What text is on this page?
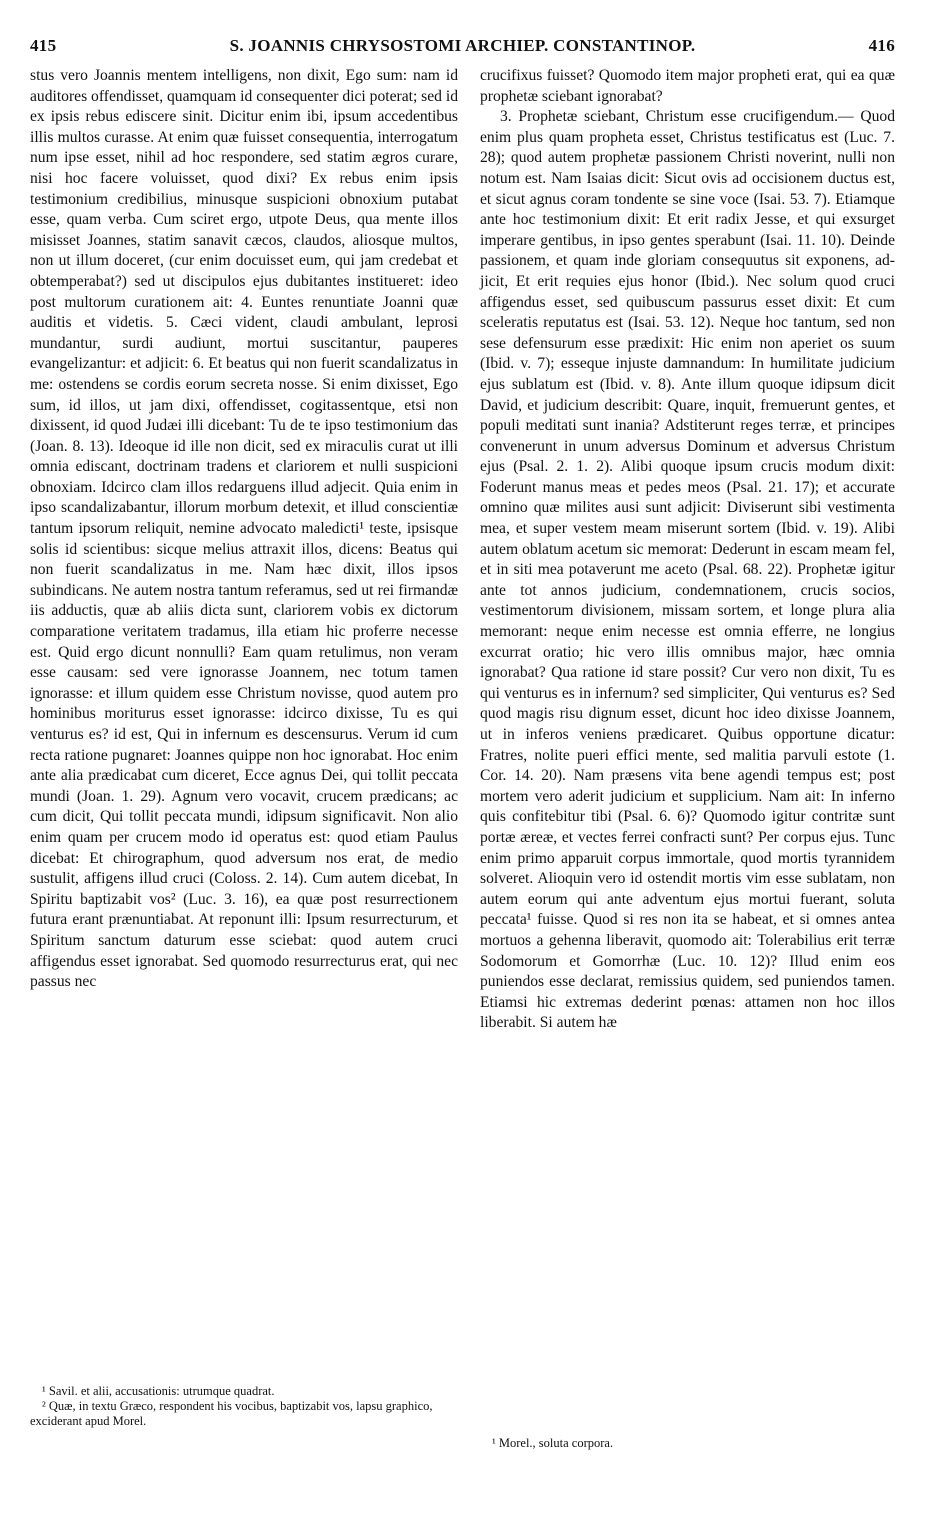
415	S. JOANNIS CHRYSOSTOMI ARCHIEP. CONSTANTINOP.	416

stus vero Joannis mentem intelligens, non dixit, Ego sum: nam id auditores offendisset, quamquam id consequenter dici poterat; sed id ex ipsis rebus ediscere sinit. Dicitur enim ibi, ipsum accedentibus illis multos curasse. At enim quæ fuisset consequentia, interrogatum num ipse esset, nihil ad hoc respondere, sed statim ægros curare, nisi hoc facere voluisset, quod dixi? Ex rebus enim ipsis testimonium credibilius, minusque suspicioni obnoxium putabat esse, quam verba. Cum sciret ergo, utpote Deus, qua mente illos misisset Joannes, statim sanavit cæcos, claudos, aliosque multos, non ut illum doceret, (cur enim docuisset eum, qui jam credebat et obtemperabat?) sed ut discipulos ejus dubitantes institueret: ideo post multorum curationem ait: 4. Euntes renuntiate Joanni quæ auditis et videtis. 5. Cæci vident, claudi ambulant, leprosi mundantur, surdi audiunt, mortui suscitantur, pauperes evangelizantur: et adjicit: 6. Et beatus qui non fuerit scandalizatus in me: ostendens se cordis eorum secreta nosse. Si enim dixisset, Ego sum, id illos, ut jam dixi, offendisset, cogitassentque, etsi non dixissent, id quod Judæi illi dicebant: Tu de te ipso testimonium das (Joan. 8. 13). Ideoque id ille non dicit, sed ex miraculis curat ut illi omnia ediscant, doctrinam tradens et clariorem et nulli suspicioni obnoxiam. Idcirco clam illos redarguens illud adjecit. Quia enim in ipso scandalizabantur, illorum morbum detexit, et illud conscientiæ tantum ipsorum reliquit, nemine advocato maledicti¹ teste, ipsisque solis id scientibus: sicque melius attraxit illos, dicens: Beatus qui non fuerit scandalizatus in me. Nam hæc dixit, illos ipsos subindicans. Ne autem nostra tantum referamus, sed ut rei firmandæ iis adductis, quæ ab aliis dicta sunt, clariorem vobis ex dictorum comparatione veritatem tradamus, illa etiam hic proferre necesse est. Quid ergo dicunt nonnulli? Eam quam retulimus, non veram esse causam: sed vere ignorasse Joannem, nec totum tamen ignorasse: et illum quidem esse Christum novisse, quod autem pro hominibus moriturus esset ignorasse: idcirco dixisse, Tu es qui venturus es? id est, Qui in infernum es descensurus. Verum id cum recta ratione pugnaret: Joannes quippe non hoc ignorabat. Hoc enim ante alia prædicabat cum diceret, Ecce agnus Dei, qui tollit peccata mundi (Joan. 1. 29). Agnum vero vocavit, crucem prædicans; ac cum dicit, Qui tollit peccata mundi, idipsum significavit. Non alio enim quam per crucem modo id operatus est: quod etiam Paulus dicebat: Et chirographum, quod adversum nos erat, de medio sustulit, affigens illud cruci (Coloss. 2. 14). Cum autem dicebat, In Spiritu baptizabit vos² (Luc. 3. 16), ea quæ post resurrectionem futura erant prænuntiabat. At reponunt illi: Ipsum resurrecturum, et Spiritum sanctum daturum esse sciebat: quod autem cruci affigendus esset ignorabat. Sed quomodo resurrecturus erat, qui nec passus nec

crucifixus fuisset? Quomodo item major propheti erat, qui ea quæ prophetæ sciebant ignorabat?

3. Prophetæ sciebant, Christum esse crucifigendum.— Quod enim plus quam propheta esset, Christus testificatus est (Luc. 7. 28); quod autem prophetæ passionem Christi noverint, nulli non notum est. Nam Isaias dicit: Sicut ovis ad occisionem ductus est, et sicut agnus coram tondente se sine voce (Isai. 53. 7). Etiamque ante hoc testimonium dixit: Et erit radix Jesse, et qui exsurget imperare gentibus, in ipso gentes sperabunt (Isai. 11. 10). Deinde passionem, et quam inde gloriam consequutus sit exponens, adjicit, Et erit requies ejus honor (Ibid.). Nec solum quod cruci affigendus esset, sed quibuscum passurus esset dixit: Et cum sceleratis reputatus est (Isai. 53. 12). Neque hoc tantum, sed non sese defensurum esse prædixit: Hic enim non aperiet os suum (Ibid. v. 7); esseque injuste damnandum: In humilitate judicium ejus sublatum est (Ibid. v. 8). Ante illum quoque idipsum dicit David, et judicium describit: Quare, inquit, fremuerunt gentes, et populi meditati sunt inania? Adstiterunt reges terræ, et principes convenerunt in unum adversus Dominum et adversus Christum ejus (Psal. 2. 1. 2). Alibi quoque ipsum crucis modum dixit: Foderunt manus meas et pedes meos (Psal. 21. 17); et accurate omnino quæ milites ausi sunt adjicit: Diviserunt sibi vestimenta mea, et super vestem meam miserunt sortem (Ibid. v. 19). Alibi autem oblatum acetum sic memorat: Dederunt in escam meam fel, et in siti mea potaverunt me aceto (Psal. 68. 22). Prophetæ igitur ante tot annos judicium, condemnationem, crucis socios, vestimentorum divisionem, missam sortem, et longe plura alia memorant: neque enim necesse est omnia efferre, ne longius excurrat oratio; hic vero illis omnibus major, hæc omnia ignorabat? Qua ratione id stare possit? Cur vero non dixit, Tu es qui venturus es in infernum? sed simpliciter, Qui venturus es? Sed quod magis risu dignum esset, dicunt hoc ideo dixisse Joannem, ut in inferos veniens prædicaret. Quibus opportune dicatur: Fratres, nolite pueri effici mente, sed malitia parvuli estote (1. Cor. 14. 20). Nam præsens vita bene agendi tempus est; post mortem vero aderit judicium et supplicium. Nam ait: In inferno quis confitebitur tibi (Psal. 6. 6)? Quomodo igitur contritæ sunt portæ æreæ, et vectes ferrei confracti sunt? Per corpus ejus. Tunc enim primo apparuit corpus immortale, quod mortis tyrannidem solveret. Alioquin vero id ostendit mortis vim esse sublatam, non autem eorum qui ante adventum ejus mortui fuerant, soluta peccata¹ fuisse. Quod si res non ita se habeat, et si omnes antea mortuos a gehenna liberavit, quomodo ait: Tolerabilius erit terræ Sodomorum et Gomorrhæ (Luc. 10. 12)? Illud enim eos puniendos esse declarat, remissius quidem, sed puniendos tamen. Etiamsi hic extremas dederint pœnas: attamen non hoc illos liberabit. Si autem hæ

¹ Savil. et alii, accusationis: utrumque quadrat.

² Quæ, in textu Græco, respondent his vocibus, baptizabit vos, lapsu graphico, exciderant apud Morel.

¹ Morel., soluta corpora.
